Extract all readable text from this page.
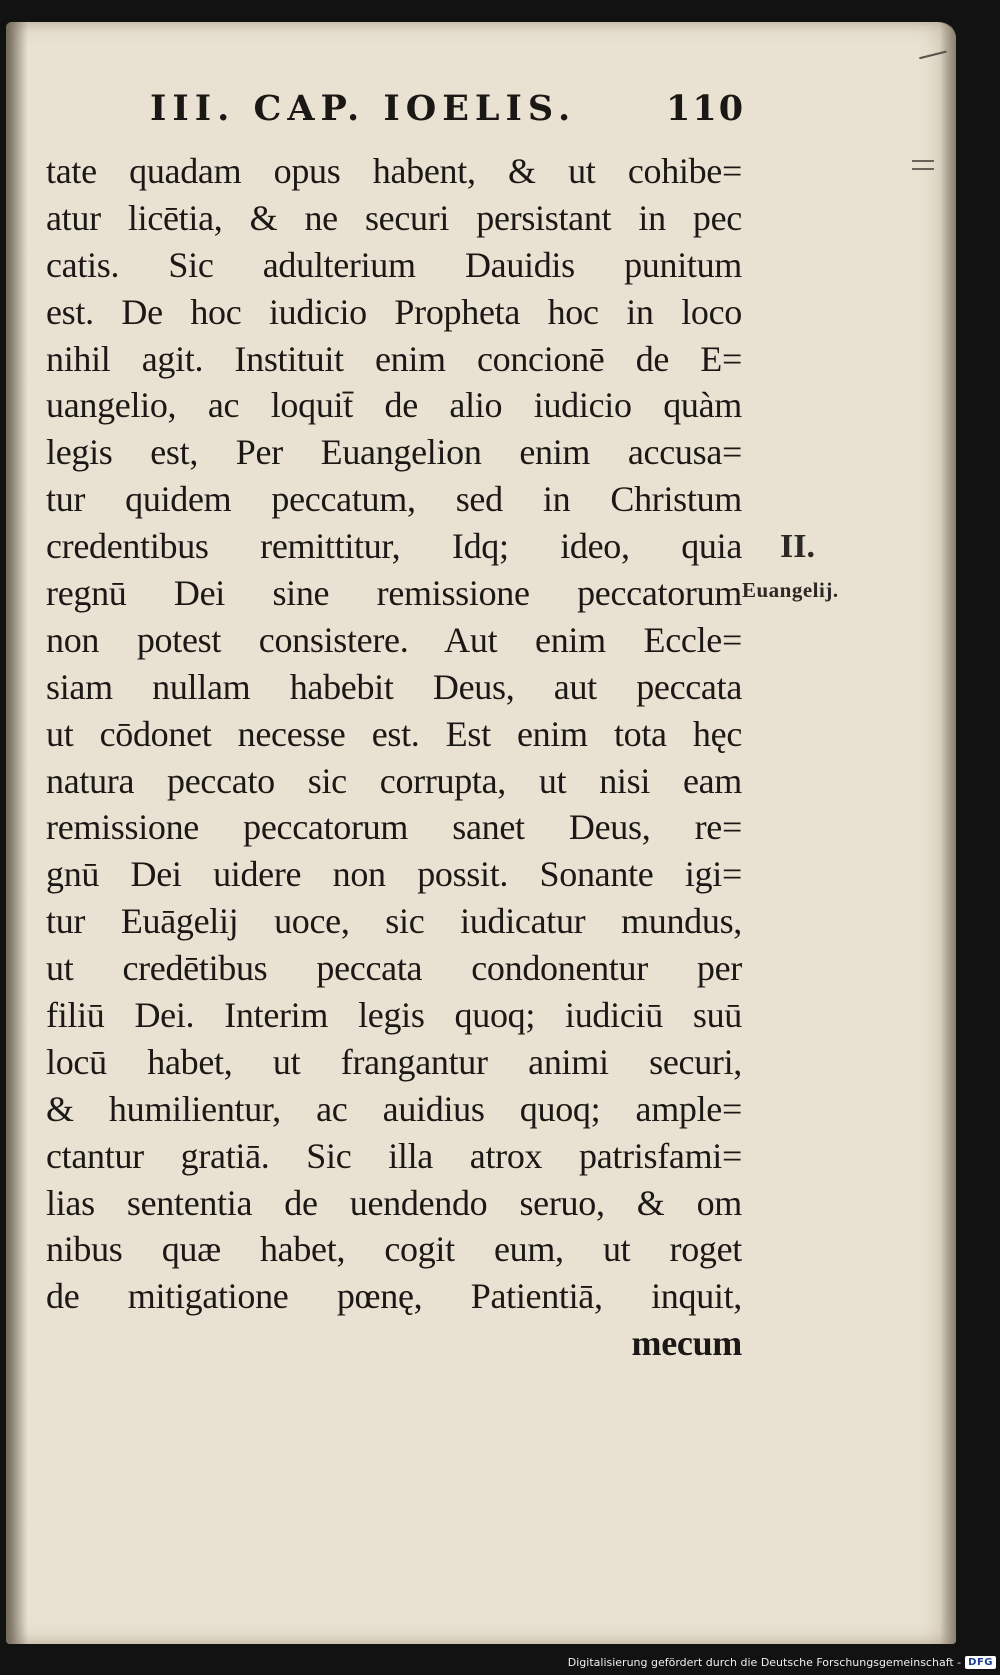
III. CAP. IOELIS.	110
tate quadam opus habent, & ut cohibe=
atur licētia, & ne securi persistant in pec
catis. Sic adulterium Dauidis punitum
est. De hoc iudicio Propheta hoc in loco
nihil agit. Instituit enim concionē de E=
uangelio, ac loquit̄ de alio iudicio quàm
legis est, Per Euangelion enim accusa=
tur quidem peccatum, sed in Christum
credentibus remittitur, Idq; ideo, quia
regnū Dei sine remissione peccatorum
non potest consistere. Aut enim Eccle=
siam nullam habebit Deus, aut peccata
ut cōdonet necesse est. Est enim tota hęc
natura peccato sic corrupta, ut nisi eam
remissione peccatorum sanet Deus, re=
gnū Dei uidere non possit. Sonante igi=
tur Euāgelij uoce, sic iudicatur mundus,
ut credētibus peccata condonentur per
filiū Dei. Interim legis quoq; iudiciū suū
locū habet, ut frangantur animi securi,
& humilientur, ac auidius quoq; ample=
ctantur gratiā. Sic illa atrox patrisfami=
lias sententia de uendendo seruo, & om
nibus quæ habet, cogit eum, ut roget
de mitigatione pœnę, Patientiā, inquit,
mecum
II.
Euangelij.
Digitalisierung gefördert durch die Deutsche Forschungsgemeinschaft - DFG
